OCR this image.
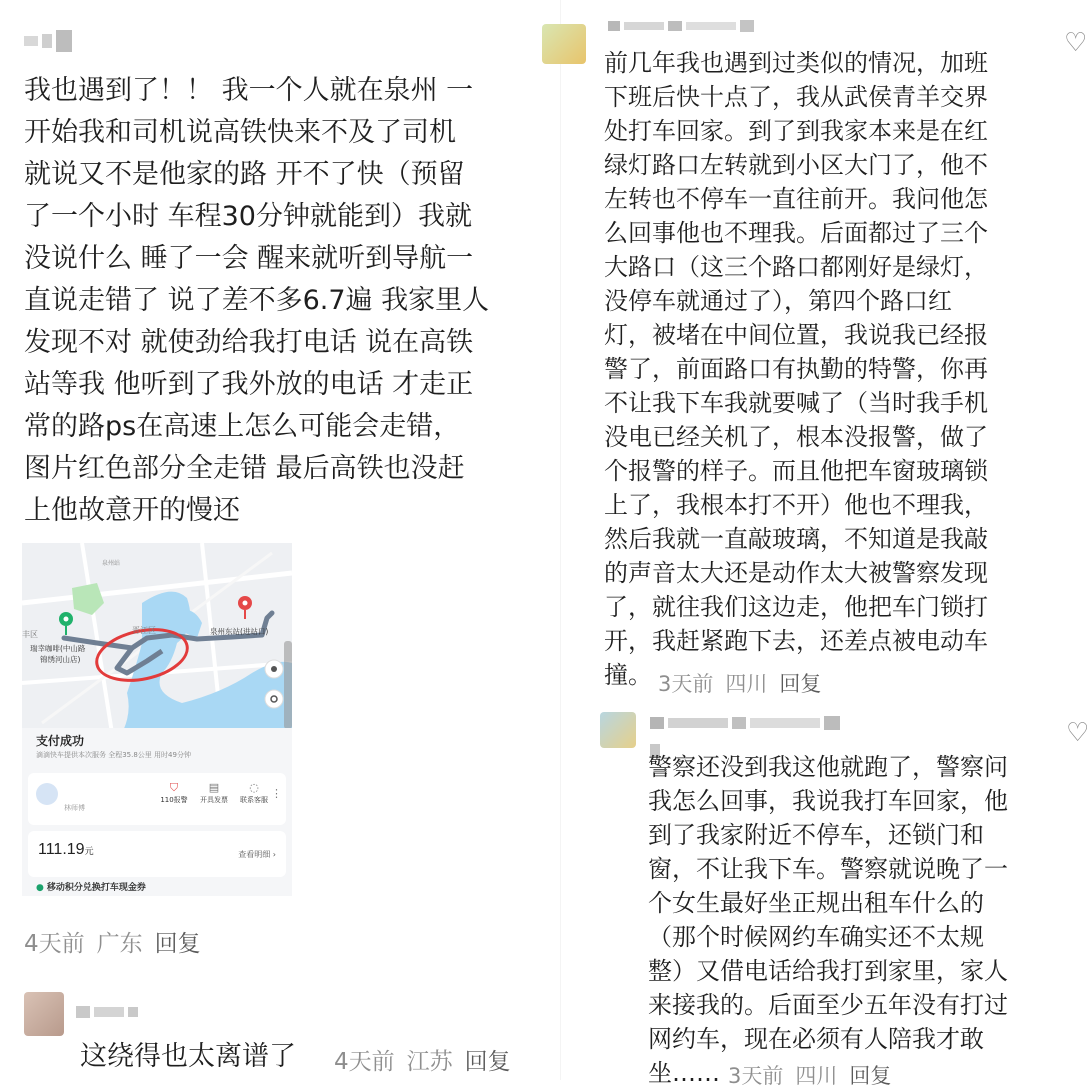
我也遇到了！！ 我一个人就在泉州 一
开始我和司机说高铁快来不及了司机
就说又不是他家的路 开不了快（预留
了一个小时 车程30分钟就能到）我就
没说什么 睡了一会 醒来就听到导航一
直说走错了 说了差不多6.7遍 我家里人
发现不对 就使劲给我打电话 说在高铁
站等我 他听到了我外放的电话 才走正
常的路ps在高速上怎么可能会走错，
图片红色部分全走错 最后高铁也没赶
上他故意开的慢还
晋江区
丰区
瑞幸咖啡(中山路
锦绣河山店)
泉州东站(进站口)
泉州站
支付成功
滴滴快车提供本次服务 全程35.8公里 用时49分钟
林师傅
⛉
110报警
▤
开具发票
◌
联系客服 ⋮
111.19元	查看明细 ›
● 移动积分兑换打车现金券
4天前 广东 回复
这绕得也太离谱了 4天前 江苏 回复
前几年我也遇到过类似的情况，加班
下班后快十点了，我从武侯青羊交界
处打车回家。到了到我家本来是在红
绿灯路口左转就到小区大门了，他不
左转也不停车一直往前开。我问他怎
么回事他也不理我。后面都过了三个
大路口（这三个路口都刚好是绿灯，
没停车就通过了），第四个路口红
灯，被堵在中间位置，我说我已经报
警了，前面路口有执勤的特警，你再
不让我下车我就要喊了（当时我手机
没电已经关机了，根本没报警，做了
个报警的样子。而且他把车窗玻璃锁
上了，我根本打不开）他也不理我，
然后我就一直敲玻璃，不知道是我敲
的声音太大还是动作太大被警察发现
了，就往我们这边走，他把车门锁打
开，我赶紧跑下去，还差点被电动车
撞。 3天前 四川 回复
警察还没到我这他就跑了，警察问
我怎么回事，我说我打车回家，他
到了我家附近不停车，还锁门和
窗，不让我下车。警察就说晚了一
个女生最好坐正规出租车什么的
（那个时候网约车确实还不太规
整）又借电话给我打到家里，家人
来接我的。后面至少五年没有打过
网约车，现在必须有人陪我才敢
坐…… 3天前 四川 回复
♡
♡
